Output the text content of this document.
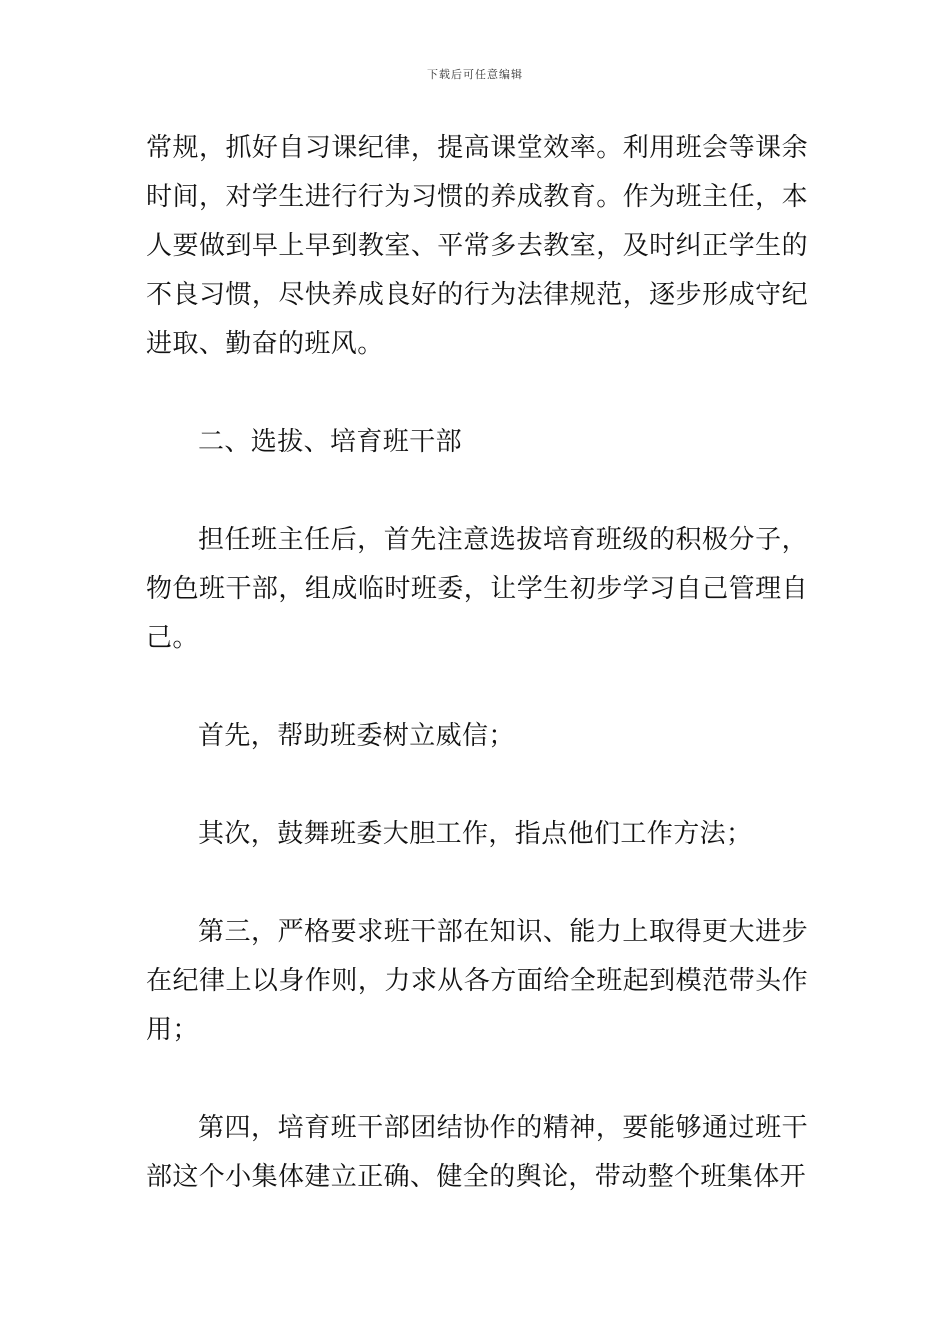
下载后可任意编辑

常规，抓好自习课纪律，提高课堂效率。利用班会等课余时间，对学生进行行为习惯的养成教育。作为班主任，本人要做到早上早到教室、平常多去教室，及时纠正学生的不良习惯，尽快养成良好的行为法律规范，逐步形成守纪进取、勤奋的班风。

二、选拔、培育班干部

担任班主任后，首先注意选拔培育班级的积极分子，物色班干部，组成临时班委，让学生初步学习自己管理自己。

首先，帮助班委树立威信；

其次，鼓舞班委大胆工作，指点他们工作方法；

第三，严格要求班干部在知识、能力上取得更大进步在纪律上以身作则，力求从各方面给全班起到模范带头作用；

第四，培育班干部团结协作的精神，要能够通过班干部这个小集体建立正确、健全的舆论，带动整个班集体开
